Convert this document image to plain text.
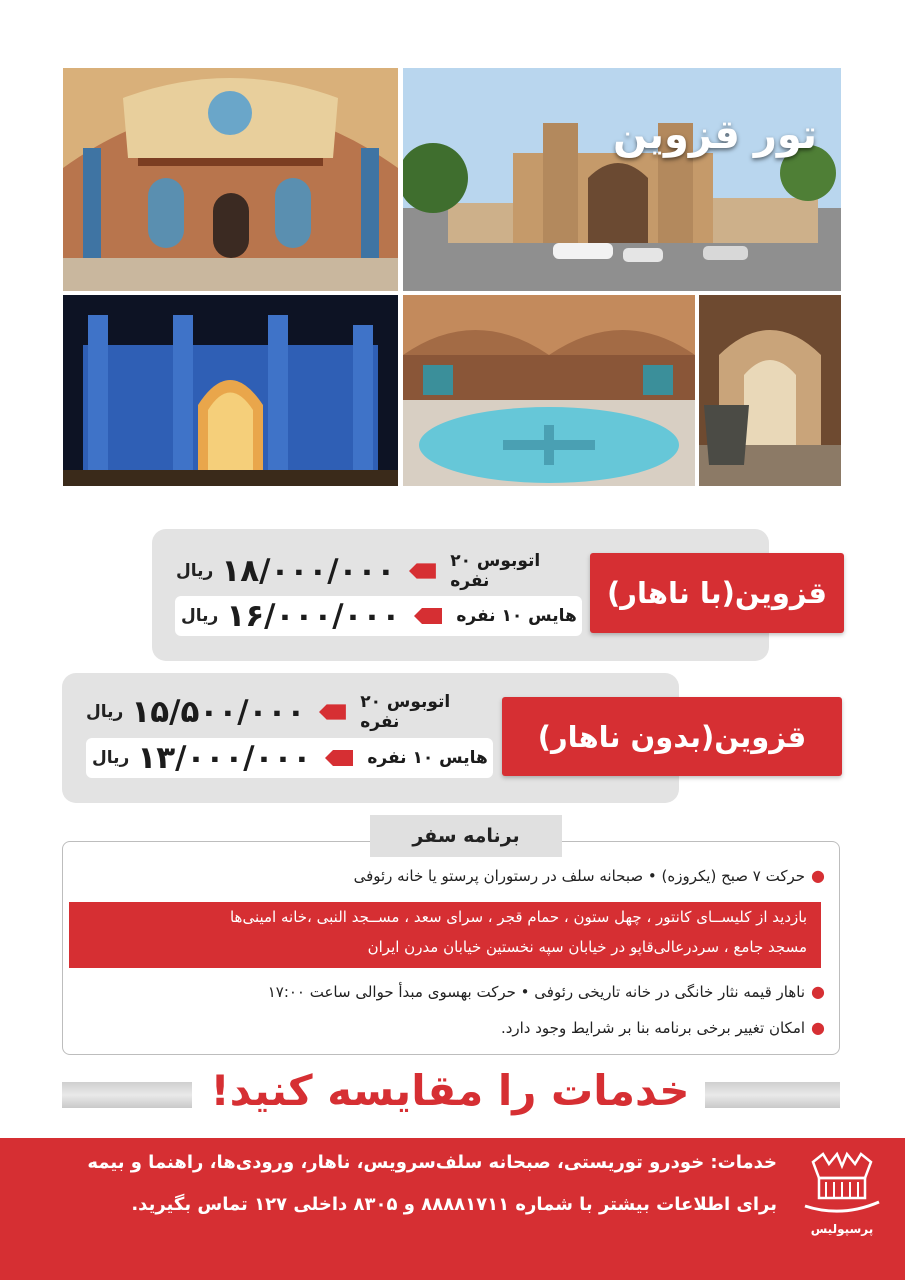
تور قزوین
قزوین(با ناهار)
ریال ۱۸/۰۰۰/۰۰۰	اتوبوس ۲۰ نفره
ریال ۱۶/۰۰۰/۰۰۰	هایس ۱۰ نفره
قزوین(بدون ناهار)
ریال ۱۵/۵۰۰/۰۰۰	اتوبوس ۲۰ نفره
ریال ۱۳/۰۰۰/۰۰۰	هایس ۱۰ نفره
برنامه سفر
●حرکت ۷ صبح (یکروزه) • صبحانه سلف در رستوران پرستو یا خانه رئوفی
بازدید از کلیســای کانتور ، چهل ستون ، حمام قجر ، سرای سعد ، مســجد النبی ،خانه امینی‌ها
مسجد جامع ، سردرعالی‌قاپو در خیابان سپه نخستین خیابان مدرن ایران
●ناهار قیمه نثار خانگی در خانه تاریخی رئوفی • حرکت بهسوی مبدأ حوالی ساعت ۱۷:۰۰
●امکان تغییر برخی برنامه بنا بر شرایط وجود دارد.
خدمات را مقایسه کنید!
خدمات: خودرو توریستی، صبحانه سلف‌سرویس، ناهار، ورودی‌ها، راهنما و بیمه
برای اطلاعات بیشتر با شماره ۸۸۸۸۱۷۱۱ و ۸۳۰۵ داخلی ۱۲۷ تماس بگیرید.
پرسپولیس
